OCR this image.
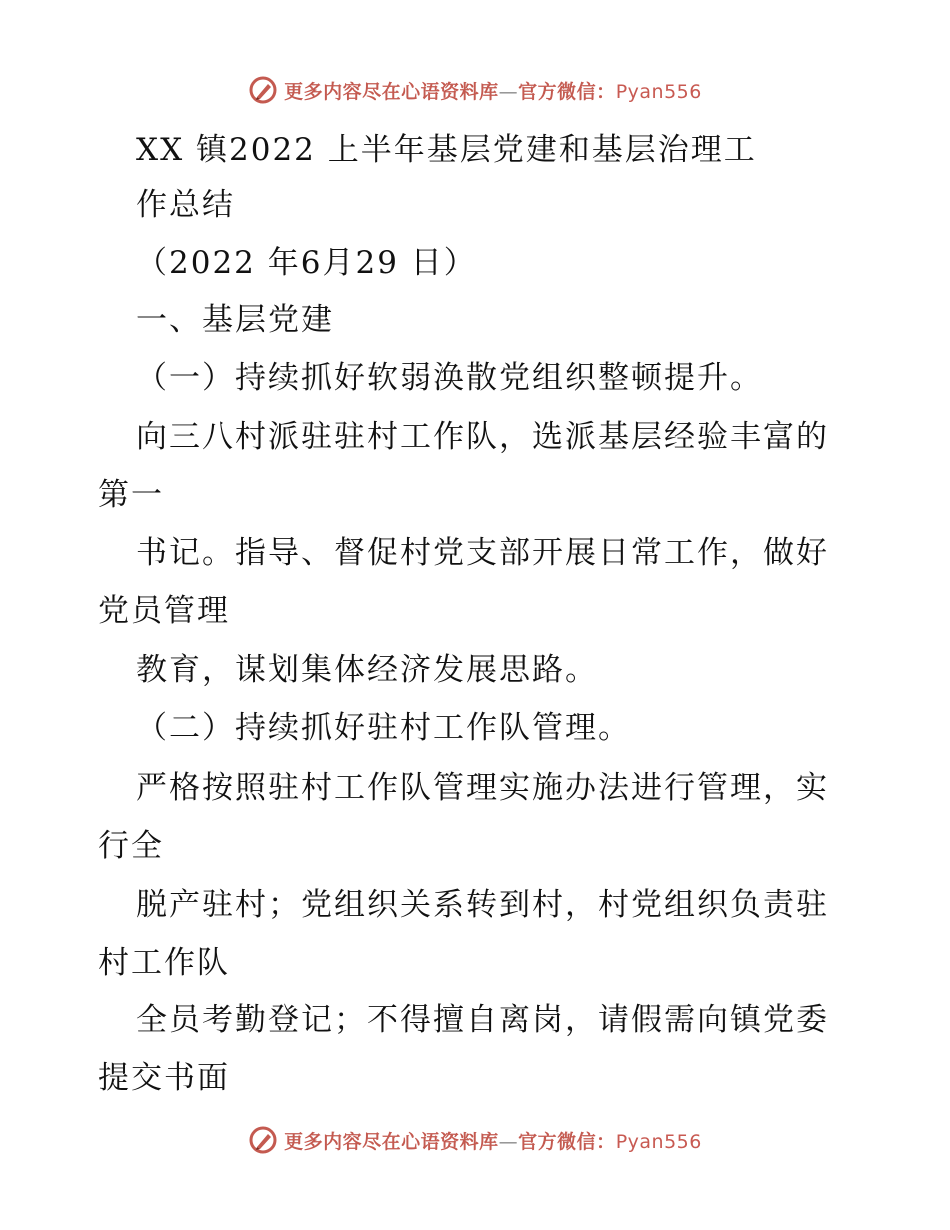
更多内容尽在心语资料库—官方微信：Pyan556
XX 镇2022 上半年基层党建和基层治理工
作总结
（2022 年6月29 日）
一、基层党建
（一）持续抓好软弱涣散党组织整顿提升。
向三八村派驻驻村工作队，选派基层经验丰富的
第一
书记。指导、督促村党支部开展日常工作，做好
党员管理
教育，谋划集体经济发展思路。
（二）持续抓好驻村工作队管理。
严格按照驻村工作队管理实施办法进行管理，实
行全
脱产驻村；党组织关系转到村，村党组织负责驻
村工作队
全员考勤登记；不得擅自离岗，请假需向镇党委
提交书面
更多内容尽在心语资料库—官方微信：Pyan556
